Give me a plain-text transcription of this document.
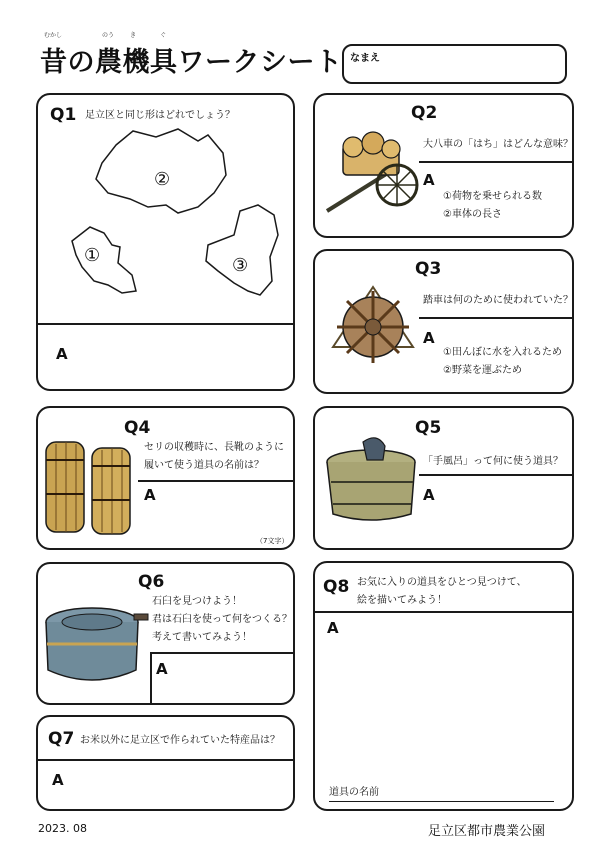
むかし	のう	き	ぐ
昔の農機具ワークシート なまえ
Q1 足立区と同じ形はどれでしょう？
②
①	③
A
Q2
大八車の「はち」はどんな意味？
A
①荷物を乗せられる数
②車体の長さ
Q3
踏車は何のために使われていた？
A
①田んぼに水を入れるため
②野菜を運ぶため
Q4
セリの収穫時に、長靴のように
履いて使う道具の名前は？
A
（7文字）
Q5
「手風呂」って何に使う道具？
A
Q6
石臼を見つけよう！
君は石臼を使って何をつくる？
考えて書いてみよう！
A
Q7 お米以外に足立区で作られていた特産品は？
A
Q8 お気に入りの道具をひとつ見つけて、
絵を描いてみよう！
A
道具の名前
2023. 08	足立区都市農業公園
